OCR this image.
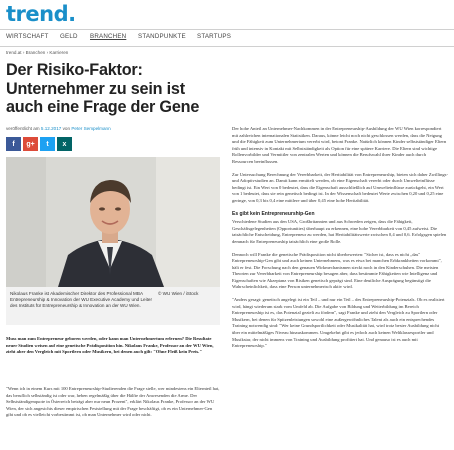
trend.
WIRTSCHAFT GELD BRANCHEN STANDPUNKTE STARTUPS
trend.at › Branchen › Karrieren
Der Risiko-Faktor: Unternehmer zu sein ist auch eine Frage der Gene
veröffentlicht am 5.12.2017 von Peter Sempelmann
f g+ t x
Nikolaus Franke ist Akademischer Direktor des Professional MBA Entrepreneurship & Innovation der WU Executive Academy und Leiter des Instituts für Entrepreneurship & Innovation an der WU Wien.
© WU Wien / iStock

Muss man zum Entrepreneur geboren werden, oder kann man Unternehmertum erlernen? Die Resultate neuer Studien weisen auf eine genetische Prädisposition hin. Nikolaus Franke, Professor an der WU Wien, zieht aber den Vergleich mit Sportlern oder Musikern, bei denen auch gilt: "Ohne Fleiß kein Preis."

"Wenn ich in einem Kurs mit 100 Entrepreneurship-Studierenden die Frage stelle, wer mindestens ein Elternteil hat, das beruflich selbständig ist oder war, heben regelmäßig über die Hälfte der Anwesenden die Arme. Der Selbstständigenquote in Österreich beträgt aber nur neun Prozent", erklärt Nikolaus Franke, Professor an der WU Wien, der sich angesichts dieser empirischen Feststellung mit der Frage beschäftigt, ob es ein Unternehmer-Gen gibt und ob es vielleicht vorbestimmt ist, ob man Unternehmer wird oder nicht.

Der hohe Anteil an Unternehmer-Nachkommen in der Entrepreneurship-Ausbildung der WU Wien korrespondiert mit zahlreichen internationalen Statistiken. Daraus, könne leicht noch nicht geschlossen werden, dass die Neigung und die Fähigkeit zum Unternehmertum vererbt wird, betont Franke. Natürlich können Kinder selbstständiger Eltern früh und intensiv in Kontakt mit Selbstständigkeit als Option für eine spätere Karriere. Die Eltern sind wichtige Rollenvorbilder und Vermittler von zentralen Werten und können die Berufswahl ihrer Kinder auch durch Ressourcen beeinflussen.

Zur Untersuchung Berechnung der Vererbbarkeit, der Heritabilität von Entrepreneurship, bieten sich daher Zwillings- und Adoptivstudien an. Damit kann ermittelt werden, ob eine Eigenschaft vererbt oder durch Umwelteinflüsse bedingt ist. Ein Wert von 0 bedeutet, dass die Eigenschaft ausschließlich auf Umwelteinflüsse zurückgeht, ein Wert von 1 bedeutet, dass sie rein genetisch bedingt ist. In der Wissenschaft bedeutet Werte zwischen 0,20 und 0,25 eine geringe, von 0,3 bis 0,4 eine mittlere und über 0,45 eine hohe Heritabilität.

Es gibt kein Entrepreneurship-Gen

Verschiedene Studien aus den USA, Großbritannien und aus Schweden zeigen, dass die Fähigkeit, Geschäftsgelegenheiten (Opportunities) überhaupt zu erkennen, eine hohe Vererbbarkeit von 0,45 aufweist. Die tatsächliche Entscheidung, Entrepreneur zu werden, hat Heritabilitätswerte zwischen 0,4 und 0,6. Erfolgsgen spielen demnach für Entrepreneurship tatsächlich eine große Rolle.

Dennoch will Franke die genetische Prädisposition nicht überbewerten: "Sicher ist, dass es nicht „das" Entrepreneurship-Gen gibt und auch keinen Unternehmens, was es etwa bei manchen Erbkrankheiten vorkommt", hält er fest. Die Forschung nach den genauen Wirkmechanismen steckt noch in den Kinderschuhen. Die meisten Theorien zur Vererbbarkeit von Entrepreneurship besagen aber, dass bestimmte Fähigkeiten wie Intelligenz und Eigenschaften wie Akzeptanz von Risiken genetisch geprägt sind. Eine deutliche Ausprägung begünstigt die Wahrscheinlichkeit, dass eine Person unternehmerisch aktiv wird.

"Anders gesagt: genetisch angelegt ist ein Teil – und nur ein Teil – des Entrepreneurship-Potenzials. Ob es realisiert wird, hängt wiederum stark vom Umfeld ab. Die Aufgabe von Bildung und Weiterbildung im Bereich Entrepreneurship ist es, das Potenzial gezielt zu fördern", sagt Franke und zieht den Vergleich zu Sportlern oder Musikern, bei denen für Spitzenleistungen sowohl eine außergewöhnliches Talent als auch ein entsprechendes Training notwendig sind: "Wer keine Grundsportlichkeit oder Musikalität hat, wird trotz bester Ausbildung nicht über ein mittelmäßiges Niveau hinauskommen. Umgekehrt gibt es jedoch auch keinen Weltklassesportler und Musikstar, der nicht immens von Training und Ausbildung profitiert hat. Und genauso ist es auch mit Entrepreneurship."
